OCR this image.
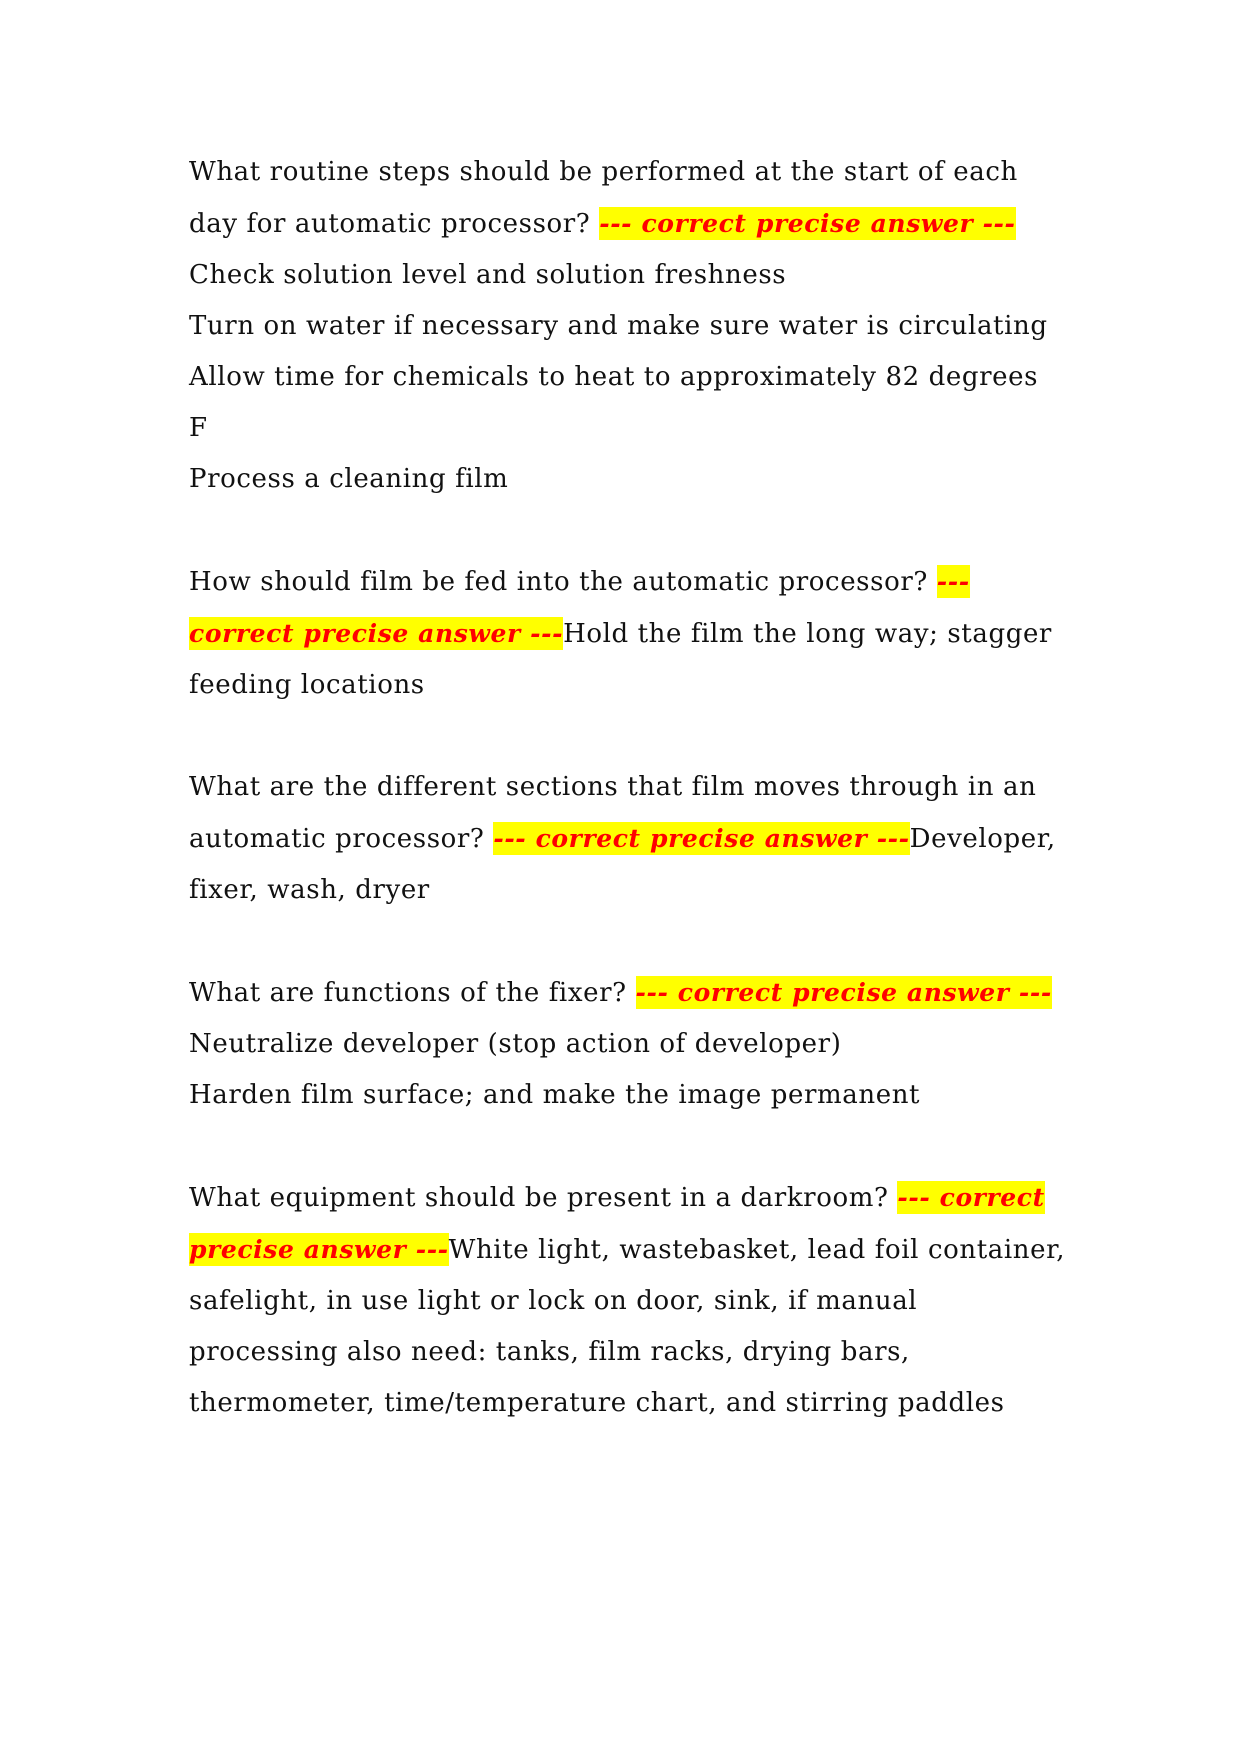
What routine steps should be performed at the start of each
day for automatic processor? --- correct precise answer ---
Check solution level and solution freshness
Turn on water if necessary and make sure water is circulating
Allow time for chemicals to heat to approximately 82 degrees
F
Process a cleaning film
How should film be fed into the automatic processor? ---
correct precise answer ---Hold the film the long way; stagger
feeding locations
What are the different sections that film moves through in an
automatic processor? --- correct precise answer ---Developer,
fixer, wash, dryer
What are functions of the fixer? --- correct precise answer ---
Neutralize developer (stop action of developer)
Harden film surface; and make the image permanent
What equipment should be present in a darkroom? --- correct
precise answer ---White light, wastebasket, lead foil container,
safelight, in use light or lock on door, sink, if manual
processing also need: tanks, film racks, drying bars,
thermometer, time/temperature chart, and stirring paddles
